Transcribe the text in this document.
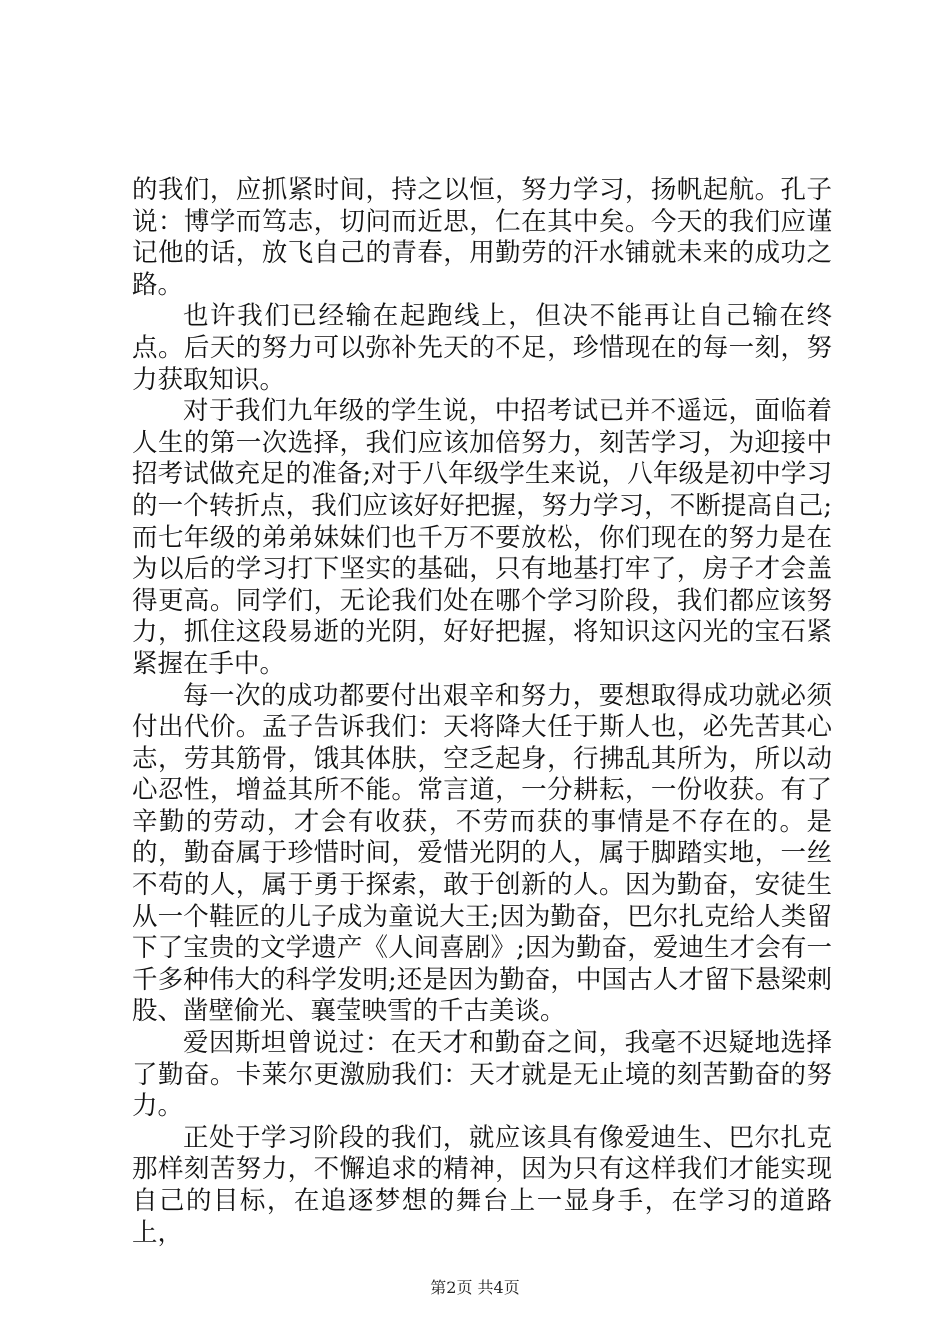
的我们，应抓紧时间，持之以恒，努力学习，扬帆起航。孔子说：博学而笃志，切问而近思，仁在其中矣。今天的我们应谨记他的话，放飞自己的青春，用勤劳的汗水铺就未来的成功之路。

也许我们已经输在起跑线上，但决不能再让自己输在终点。后天的努力可以弥补先天的不足，珍惜现在的每一刻，努力获取知识。

对于我们九年级的学生说，中招考试已并不遥远，面临着人生的第一次选择，我们应该加倍努力，刻苦学习，为迎接中招考试做充足的准备;对于八年级学生来说，八年级是初中学习的一个转折点，我们应该好好把握，努力学习，不断提高自己;而七年级的弟弟妹妹们也千万不要放松，你们现在的努力是在为以后的学习打下坚实的基础，只有地基打牢了，房子才会盖得更高。同学们，无论我们处在哪个学习阶段，我们都应该努力，抓住这段易逝的光阴，好好把握，将知识这闪光的宝石紧紧握在手中。

每一次的成功都要付出艰辛和努力，要想取得成功就必须付出代价。孟子告诉我们：天将降大任于斯人也，必先苦其心志，劳其筋骨，饿其体肤，空乏起身，行拂乱其所为，所以动心忍性，增益其所不能。常言道，一分耕耘，一份收获。有了辛勤的劳动，才会有收获，不劳而获的事情是不存在的。是的，勤奋属于珍惜时间，爱惜光阴的人，属于脚踏实地，一丝不苟的人，属于勇于探索，敢于创新的人。因为勤奋，安徒生从一个鞋匠的儿子成为童说大王;因为勤奋，巴尔扎克给人类留下了宝贵的文学遗产《人间喜剧》;因为勤奋，爱迪生才会有一千多种伟大的科学发明;还是因为勤奋，中国古人才留下悬梁刺股、凿壁偷光、襄莹映雪的千古美谈。

爱因斯坦曾说过：在天才和勤奋之间，我毫不迟疑地选择了勤奋。卡莱尔更激励我们：天才就是无止境的刻苦勤奋的努力。

正处于学习阶段的我们，就应该具有像爱迪生、巴尔扎克那样刻苦努力，不懈追求的精神，因为只有这样我们才能实现自己的目标，在追逐梦想的舞台上一显身手，在学习的道路上，

第2页 共4页
